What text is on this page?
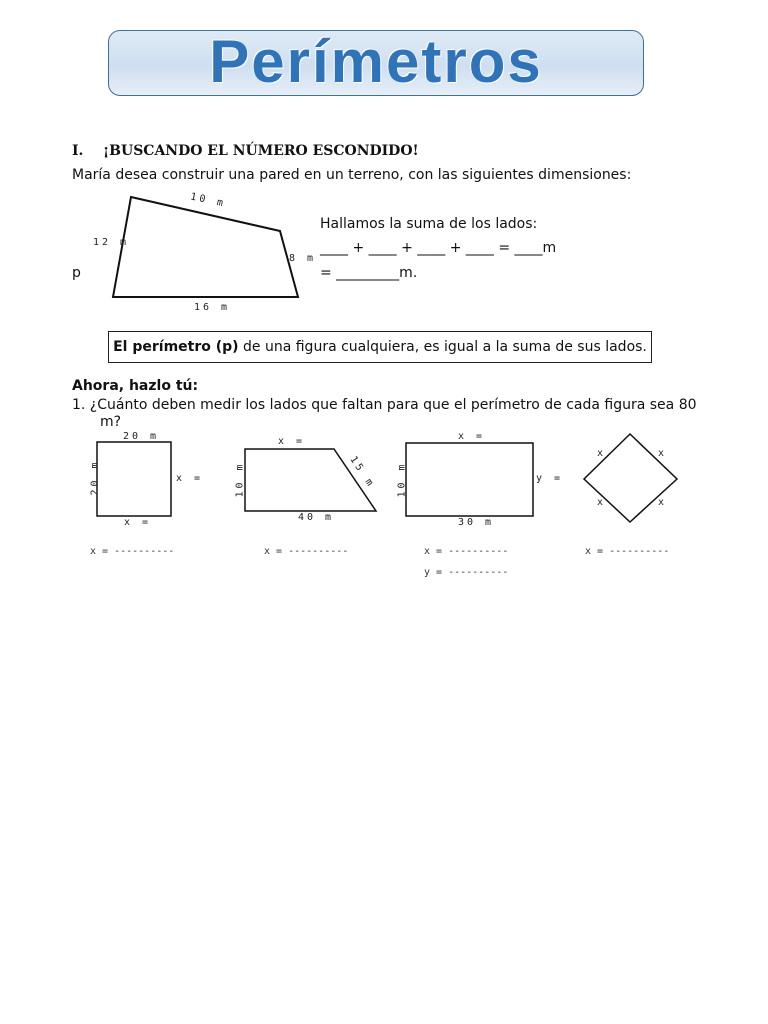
Perímetros
I. ¡BUSCANDO EL NÚMERO ESCONDIDO!
María desea construir una pared en un terreno, con las siguientes dimensiones:
10 m
12 m
8 m
16 m
p
Hallamos la suma de los lados:
____ + ____ + ____ + ____ = ____m
= _________m.
El perímetro (p) de una figura cualquiera, es igual a la suma de sus lados.
Ahora, hazlo tú:
1. ¿Cuánto deben medir los lados que faltan para que el perímetro de cada figura sea 80
m?
20 m
20 m	x =
x =
x =
10 m	15 m
40 m
x =
10 m	y =
30 m
x	x
x	x
x = ----------	x = ----------	x = ----------
y = ----------
x = ----------
